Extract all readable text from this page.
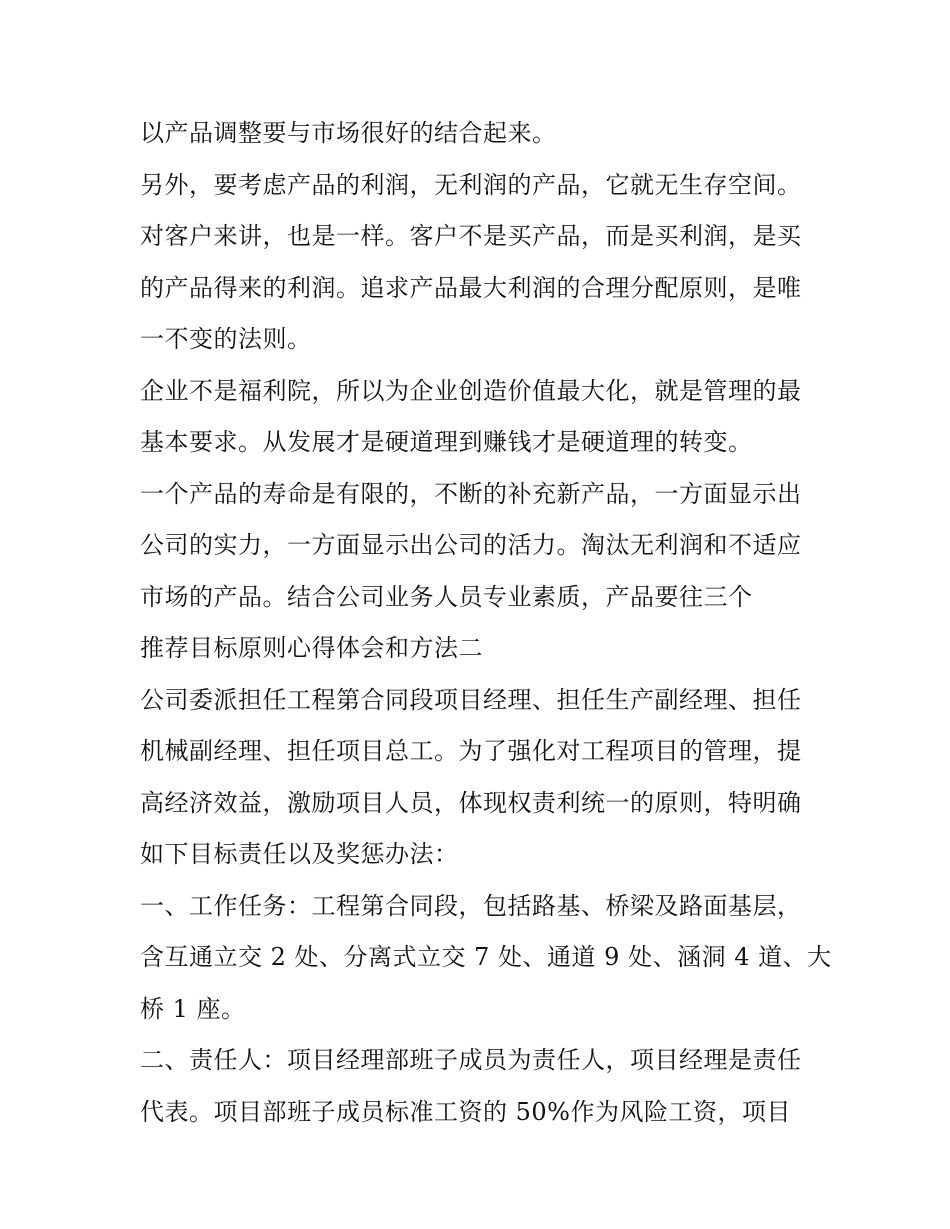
以产品调整要与市场很好的结合起来。
另外，要考虑产品的利润，无利润的产品，它就无生存空间。
对客户来讲，也是一样。客户不是买产品，而是买利润，是买
的产品得来的利润。追求产品最大利润的合理分配原则，是唯
一不变的法则。
企业不是福利院，所以为企业创造价值最大化，就是管理的最
基本要求。从发展才是硬道理到赚钱才是硬道理的转变。
一个产品的寿命是有限的，不断的补充新产品，一方面显示出
公司的实力，一方面显示出公司的活力。淘汰无利润和不适应
市场的产品。结合公司业务人员专业素质，产品要往三个
推荐目标原则心得体会和方法二
公司委派担任工程第合同段项目经理、担任生产副经理、担任
机械副经理、担任项目总工。为了强化对工程项目的管理，提
高经济效益，激励项目人员，体现权责利统一的原则，特明确
如下目标责任以及奖惩办法：
一、工作任务：工程第合同段，包括路基、桥梁及路面基层，
含互通立交 2 处、分离式立交 7 处、通道 9 处、涵洞 4 道、大
桥 1 座。
二、责任人：项目经理部班子成员为责任人，项目经理是责任
代表。项目部班子成员标准工资的 50%作为风险工资，项目
